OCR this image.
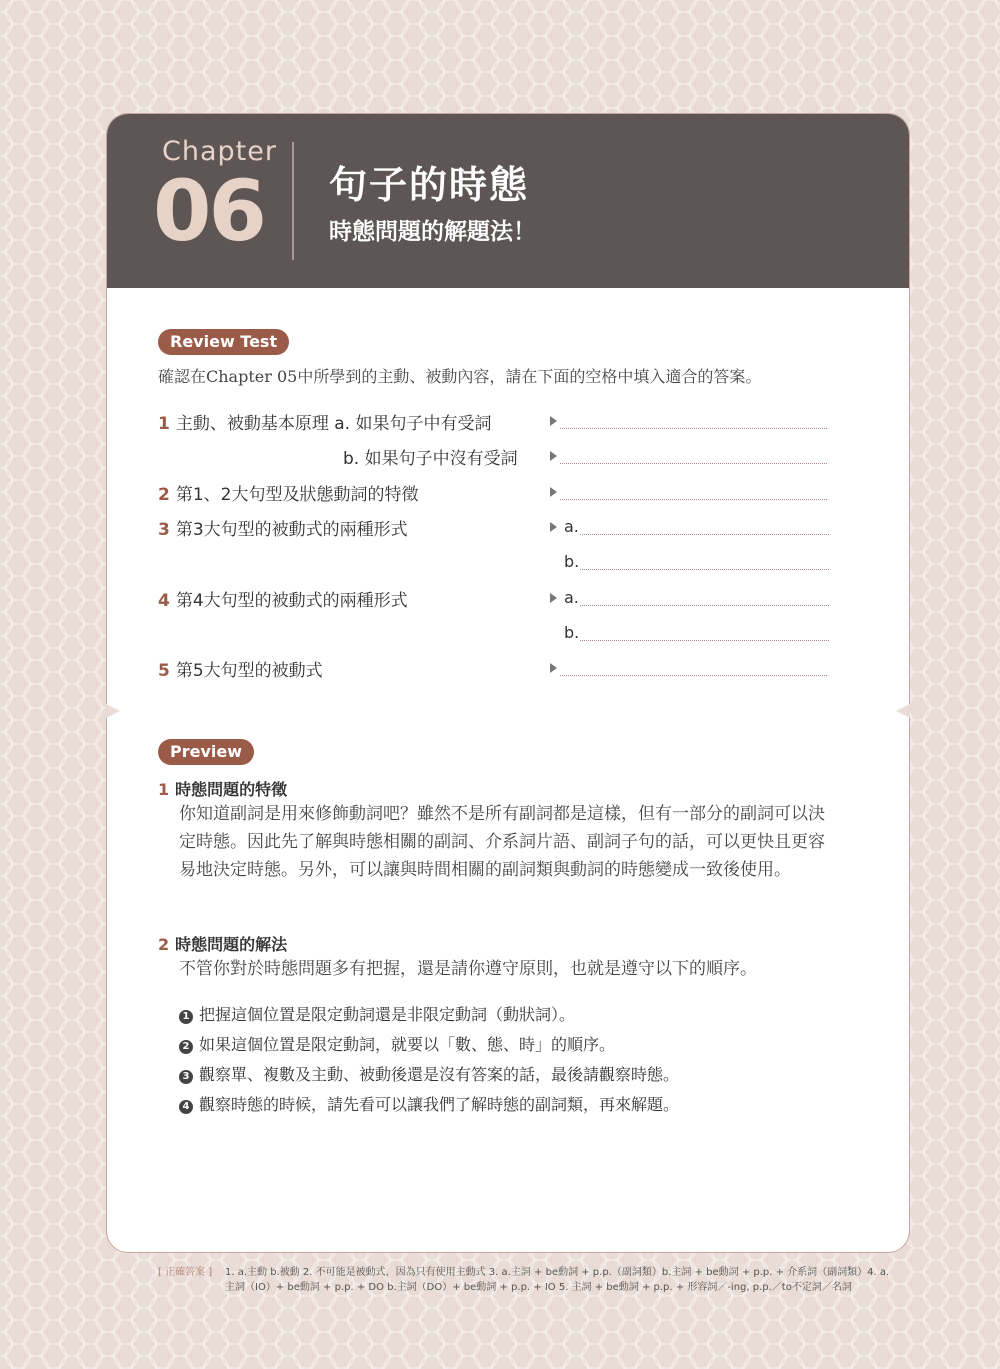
Chapter
06 句子的時態
時態問題的解題法！
Review Test
確認在Chapter 05中所學到的主動、被動內容，請在下面的空格中填入適合的答案。
1 主動、被動基本原理 a. 如果句子中有受詞
b. 如果句子中沒有受詞
2 第1、2大句型及狀態動詞的特徵
3 第3大句型的被動式的兩種形式
4 第4大句型的被動式的兩種形式
5 第5大句型的被動式
a.
b.
a.
b.
Preview
1 時態問題的特徵
你知道副詞是用來修飾動詞吧？雖然不是所有副詞都是這樣，但有一部分的副詞可以決
定時態。因此先了解與時態相關的副詞、介系詞片語、副詞子句的話，可以更快且更容
易地決定時態。另外，可以讓與時間相關的副詞類與動詞的時態變成一致後使用。
2 時態問題的解法
不管你對於時態問題多有把握，還是請你遵守原則，也就是遵守以下的順序。
1 把握這個位置是限定動詞還是非限定動詞（動狀詞）。
2 如果這個位置是限定動詞，就要以「數、態、時」的順序。
3 觀察單、複數及主動、被動後還是沒有答案的話，最後請觀察時態。
4 觀察時態的時候，請先看可以讓我們了解時態的副詞類，再來解題。
[ 正確答案 ] 1. a.主動 b.被動 2. 不可能是被動式，因為只有使用主動式 3. a.主詞 + be動詞 + p.p.（副詞類）b.主詞 + be動詞 + p.p. + 介系詞（副詞類）4. a.主詞（IO）+ be動詞 + p.p. + DO b.主詞（DO）+ be動詞 + p.p. + IO 5. 主詞 + be動詞 + p.p. + 形容詞／-ing, p.p.／to不定詞／名詞
